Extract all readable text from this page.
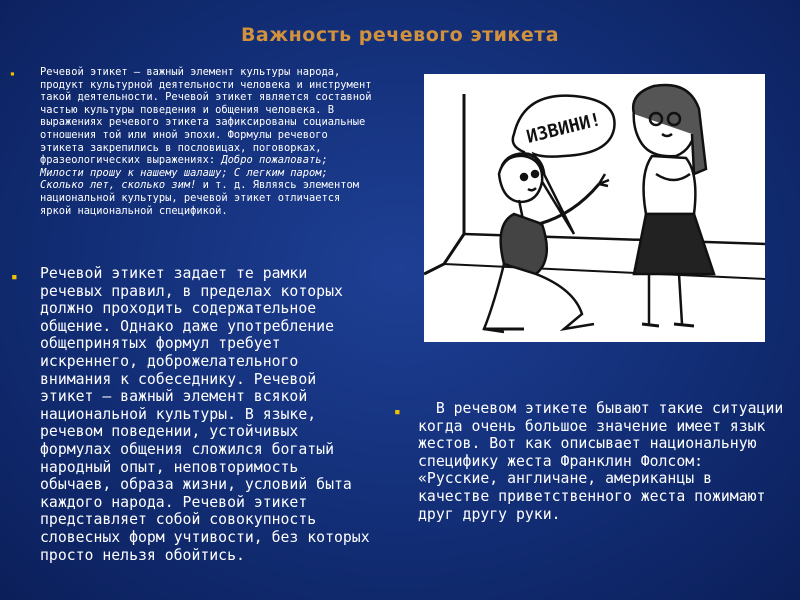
Важность речевого этикета
▪ Речевой этикет — важный элемент культуры народа, продукт культурной деятельности человека и инструмент такой деятельности. Речевой этикет является составной частью культуры поведения и общения человека. В выражениях речевого этикета зафиксированы социальные отношения той или иной эпохи. Формулы речевого этикета закрепились в пословицах, поговорках, фразеологических выражениях: Добро пожаловать; Милости прошу к нашему шалашу; С легким паром; Сколько лет, сколько зим! и т. д. Являясь элементом национальной культуры, речевой этикет отличается яркой национальной спецификой.
▪ Речевой этикет задает те рамки речевых правил, в пределах которых должно проходить содержательное общение. Однако даже употребление общепринятых формул требует искреннего, доброжелательного внимания к собеседнику. Речевой этикет – важный элемент всякой национальной культуры. В языке, речевом поведении, устойчивых формулах общения сложился богатый народный опыт, неповторимость обычаев, образа жизни, условий быта каждого народа. Речевой этикет представляет собой совокупность словесных форм учтивости, без которых просто нельзя обойтись.
ИЗВИНИ!
▪ В речевом этикете бывают такие ситуации когда очень большое значение имеет язык жестов. Вот как описывает национальную специфику жеста Франклин Фолсом: «Русские, англичане, американцы в качестве приветственного жеста пожимают друг другу руки.
